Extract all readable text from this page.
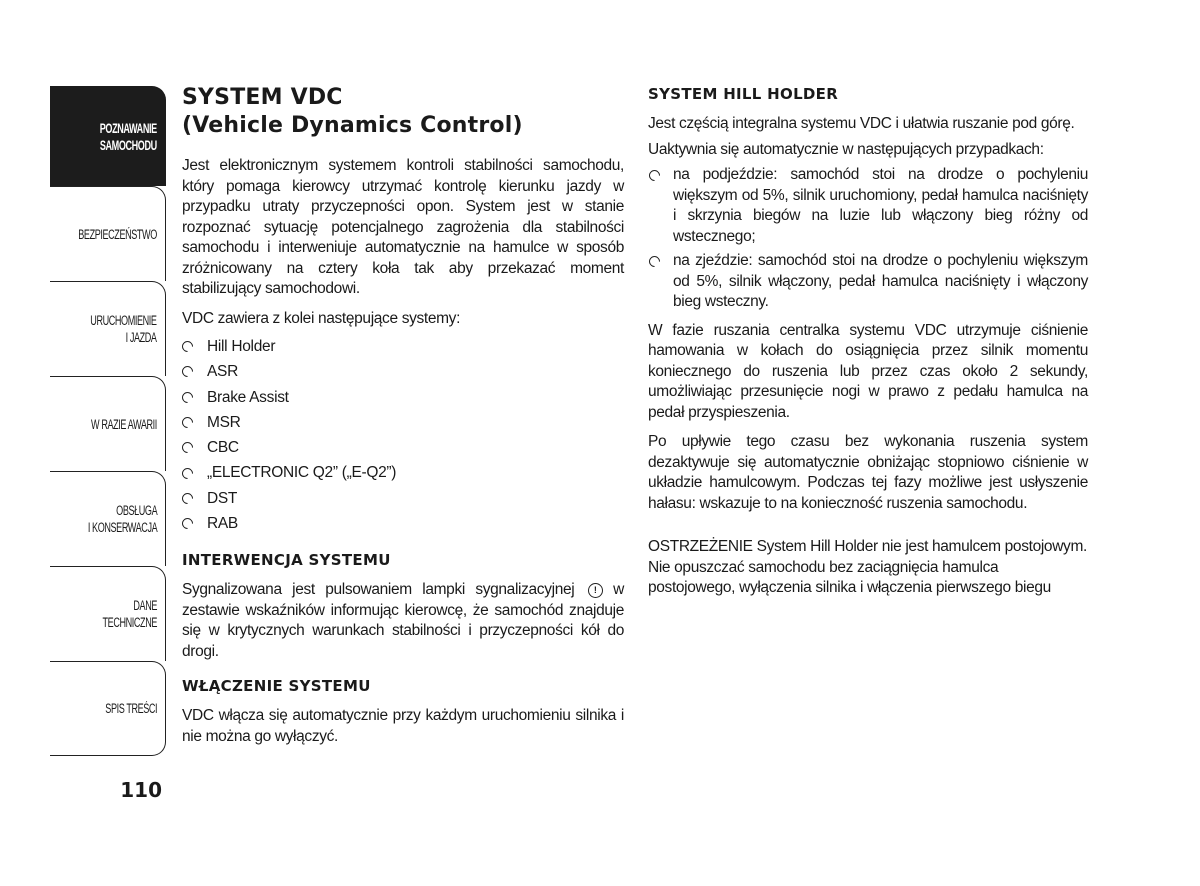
POZNAWANIE
SAMOCHODU
BEZPIECZEŃSTWO
URUCHOMIENIE
I JAZDA
W RAZIE AWARII
OBSŁUGA
I KONSERWACJA
DANE
TECHNICZNE
SPIS TREŚCI
110
SYSTEM VDC
(Vehicle Dynamics Control)

Jest elektronicznym systemem kontroli stabilności samochodu, który pomaga kierowcy utrzymać kontrolę kierunku jazdy w przypadku utraty przyczepności opon. System jest w stanie rozpoznać sytuację potencjalnego zagrożenia dla stabilności samochodu i interweniuje automatycznie na hamulce w sposób zróżnicowany na cztery koła tak aby przekazać moment stabilizujący samochodowi.

VDC zawiera z kolei następujące systemy:

Hill Holder
ASR
Brake Assist
MSR
CBC
„ELECTRONIC Q2” („E-Q2”)
DST
RAB
INTERWENCJA SYSTEMU

Sygnalizowana jest pulsowaniem lampki sygnalizacyjnej ! w zestawie wskaźników informując kierowcę, że samochód znajduje się w krytycznych warunkach stabilności i przyczepności kół do drogi.

WŁĄCZENIE SYSTEMU

VDC włącza się automatycznie przy każdym uruchomieniu silnika i nie można go wyłączyć.

SYSTEM HILL HOLDER

Jest częścią integralna systemu VDC i ułatwia ruszanie pod górę.

Uaktywnia się automatycznie w następujących przypadkach:

na podjeździe: samochód stoi na drodze o pochyleniu większym od 5%, silnik uruchomiony, pedał hamulca naciśnięty i skrzynia biegów na luzie lub włączony bieg różny od wstecznego;
na zjeździe: samochód stoi na drodze o pochyleniu większym od 5%, silnik włączony, pedał hamulca naciśnięty i włączony bieg wsteczny.

W fazie ruszania centralka systemu VDC utrzymuje ciśnienie hamowania w kołach do osiągnięcia przez silnik momentu koniecznego do ruszenia lub przez czas około 2 sekundy, umożliwiając przesunięcie nogi w prawo z pedału hamulca na pedał przyspieszenia.

Po upływie tego czasu bez wykonania ruszenia system dezaktywuje się automatycznie obniżając stopniowo ciśnienie w układzie hamulcowym. Podczas tej fazy możliwe jest usłyszenie hałasu: wskazuje to na konieczność ruszenia samochodu.

OSTRZEŻENIE System Hill Holder nie jest hamulcem postojowym. Nie opuszczać samochodu bez zaciągnięcia hamulca postojowego, wyłączenia silnika i włączenia pierwszego biegu
